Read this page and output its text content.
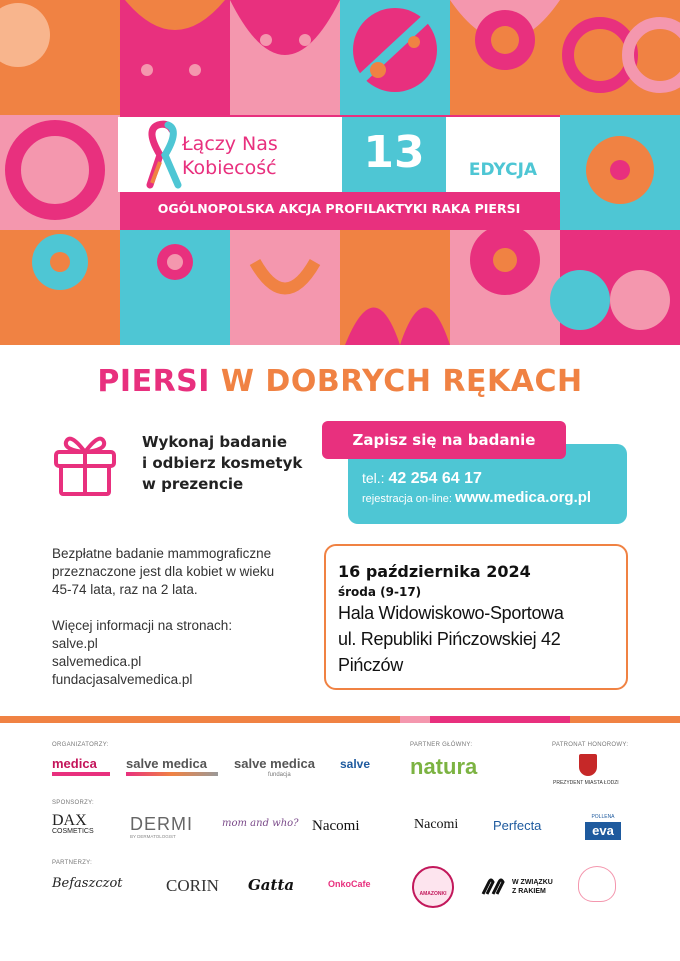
Łączy Nas
Kobiecość	13	EDYCJA
OGÓLNOPOLSKA AKCJA PROFILAKTYKI RAKA PIERSI
PIERSI W DOBRYCH RĘKACH
Wykonaj badanie
i odbierz kosmetyk
w prezencie
Zapisz się na badanie
tel.: 42 254 64 17
rejestracja on-line: www.medica.org.pl
Bezpłatne badanie mammograficzne
przeznaczone jest dla kobiet w wieku
45-74 lata, raz na 2 lata.
Więcej informacji na stronach:
salve.pl
salvemedica.pl
fundacjasalvemedica.pl
16 października 2024
środa (9-17)
Hala Widowiskowo-Sportowa
ul. Republiki Pińczowskiej 42
Pińczów
ORGANIZATORZY:	PARTNER GŁÓWNY:	PATRONAT HONOROWY:
medica salve medica salve medica
fundacja
salve natura
PREZYDENT MIASTA ŁODZI
SPONSORZY:
DAX
COSMETICS DERMI
BY DERMATOLOGIST
mom and who? Nacomi	Nacomi	Perfecta
POLLENA
eva
PARTNERZY:
Befaszczot	CORIN Gatta	OnkoCafe
AMAZONKI
W ZWIĄZKU
Z RAKIEM
